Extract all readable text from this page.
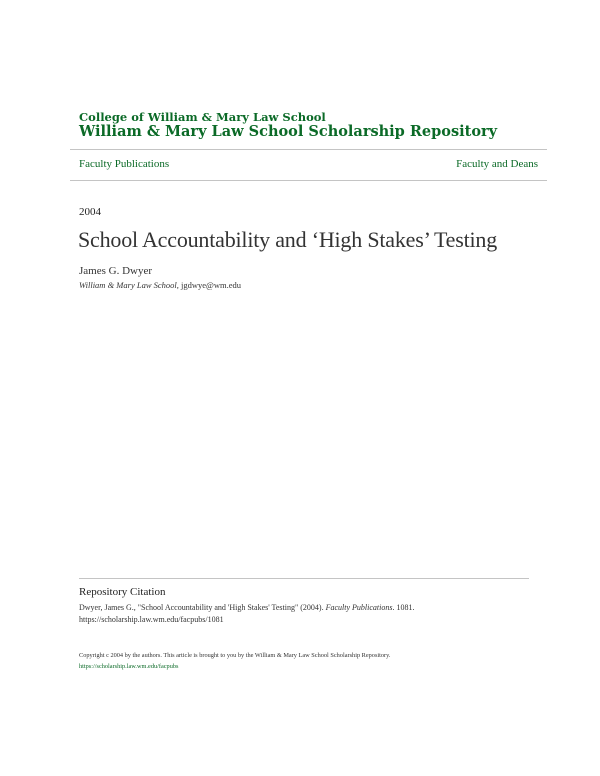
College of William & Mary Law School
William & Mary Law School Scholarship Repository
Faculty Publications	Faculty and Deans
2004
School Accountability and ‘High Stakes’ Testing
James G. Dwyer
William & Mary Law School, jgdwye@wm.edu
Repository Citation
Dwyer, James G., "School Accountability and 'High Stakes' Testing" (2004). Faculty Publications. 1081.
https://scholarship.law.wm.edu/facpubs/1081
Copyright c 2004 by the authors. This article is brought to you by the William & Mary Law School Scholarship Repository.
https://scholarship.law.wm.edu/facpubs
